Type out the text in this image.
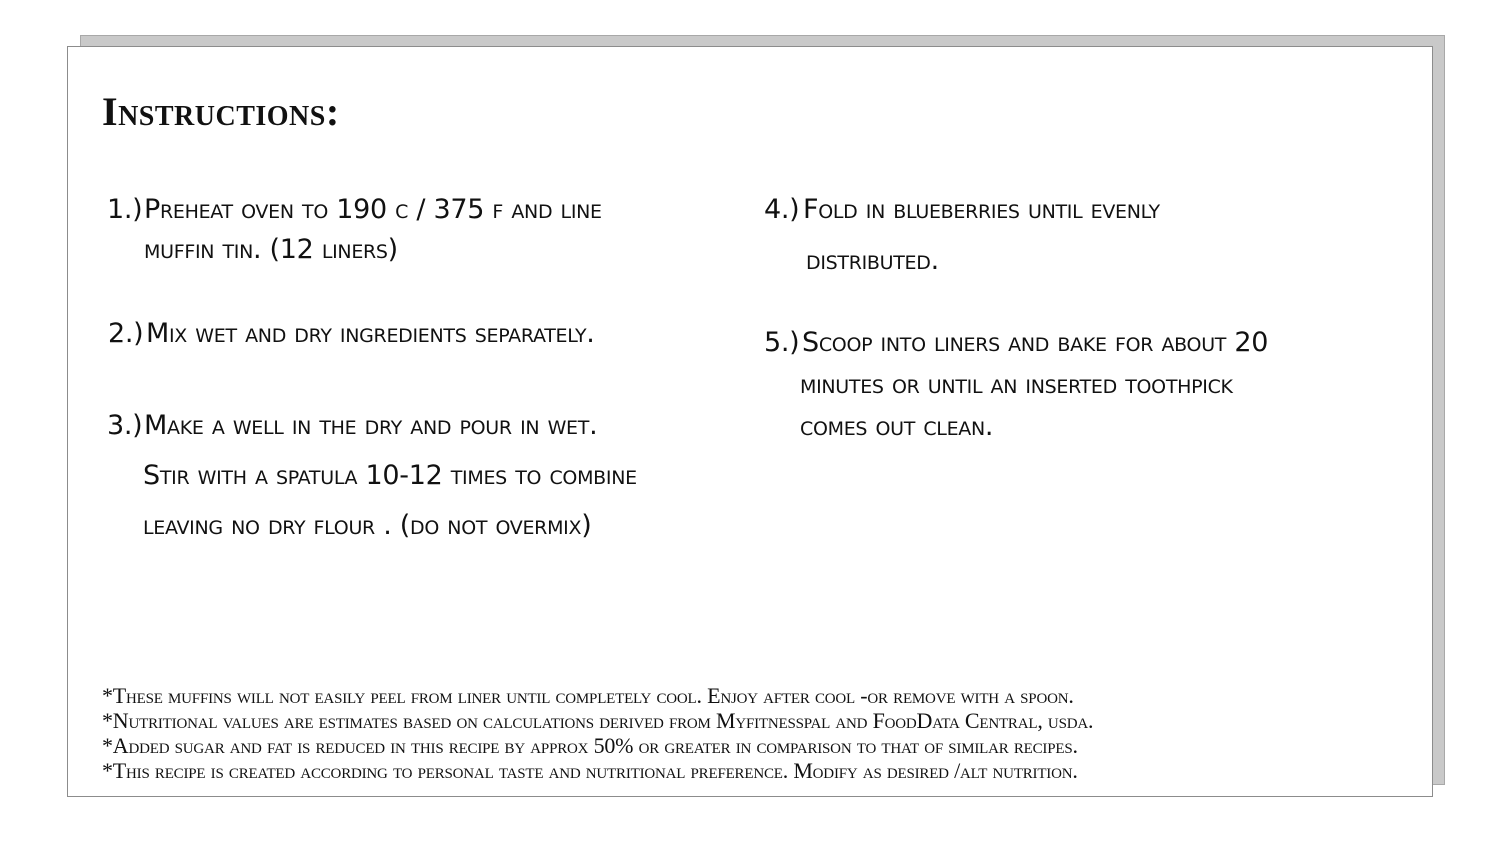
Instructions:
1.) Preheat oven to 190 c / 375 f and line
muffin tin. (12 liners)
2.) Mix wet and dry ingredients separately.
3.) Make a well in the dry and pour in wet.
Stir with a spatula 10-12 times to combine
leaving no dry flour . (do not overmix)
4.) Fold in blueberries until evenly
distributed.
5.) Scoop into liners and bake for about 20
minutes or until an inserted toothpick
comes out clean.
*These muffins will not easily peel from liner until completely cool. Enjoy after cool -or remove with a spoon.
*Nutritional values are estimates based on calculations derived from Myfitnesspal and FoodData Central, usda.
*Added sugar and fat is reduced in this recipe by approx 50% or greater in comparison to that of similar recipes.
*This recipe is created according to personal taste and nutritional preference. Modify as desired /alt nutrition.
